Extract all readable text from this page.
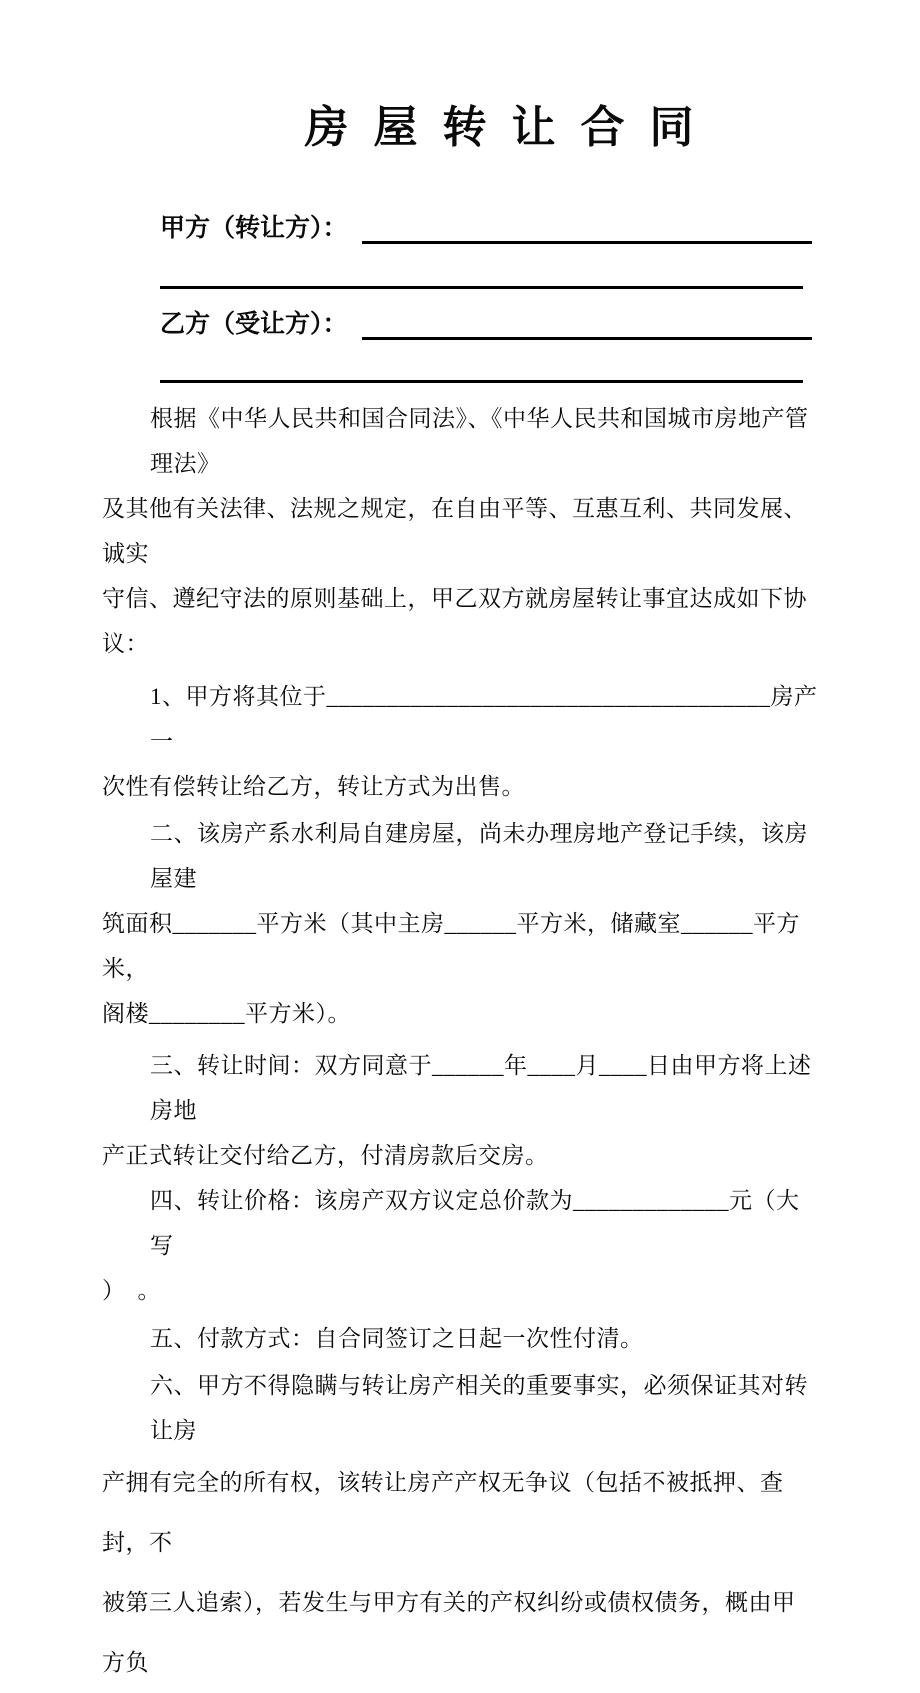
房 屋 转 让 合 同
甲方（转让方）：
乙方（受让方）：
根据《中华人民共和国合同法》、《中华人民共和国城市房地产管理法》
及其他有关法律、法规之规定，在自由平等、互惠互利、共同发展、诚实
守信、遵纪守法的原则基础上，甲乙双方就房屋转让事宜达成如下协议：
1、甲方将其位于_____________________________________房产一
次性有偿转让给乙方，转让方式为出售。
二、该房产系水利局自建房屋，尚未办理房地产登记手续，该房屋建
筑面积_______平方米（其中主房______平方米，储藏室______平方米，
阁楼________平方米）。
三、转让时间：双方同意于______年____月____日由甲方将上述房地
产正式转让交付给乙方，付清房款后交房。
四、转让价格：该房产双方议定总价款为_____________元（大写
）　。
五、付款方式：自合同签订之日起一次性付清。
六、甲方不得隐瞒与转让房产相关的重要事实，必须保证其对转让房
产拥有完全的所有权，该转让房产产权无争议（包括不被抵押、查封，不
被第三人追索），若发生与甲方有关的产权纠纷或债权债务，概由甲方负
